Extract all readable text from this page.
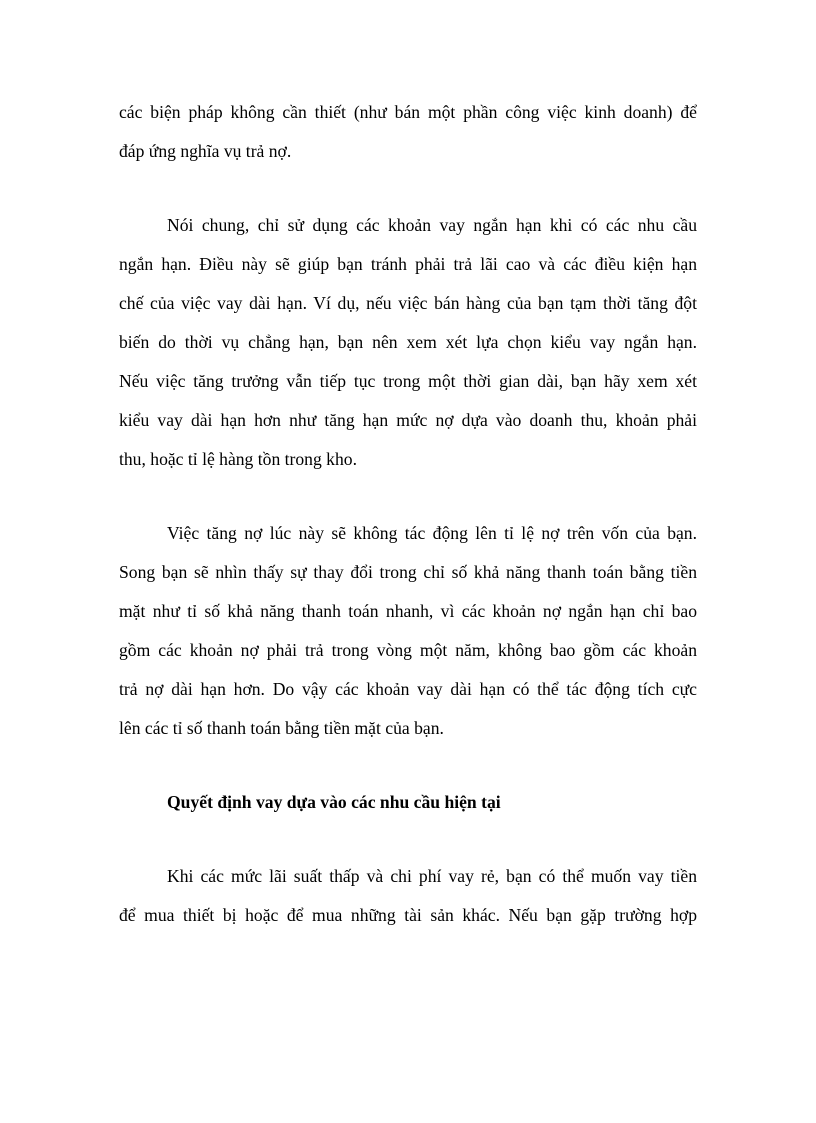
các biện pháp không cần thiết (như bán một phần công việc kinh doanh) để
đáp ứng nghĩa vụ trả nợ.
Nói chung, chỉ sử dụng các khoản vay ngắn hạn khi có các nhu cầu
ngắn hạn. Điều này sẽ giúp bạn tránh phải trả lãi cao và các điều kiện hạn
chế của việc vay dài hạn. Ví dụ, nếu việc bán hàng của bạn tạm thời tăng đột
biến do thời vụ chẳng hạn, bạn nên xem xét lựa chọn kiểu vay ngắn hạn.
Nếu việc tăng trưởng vẫn tiếp tục trong một thời gian dài, bạn hãy xem xét
kiểu vay dài hạn hơn như tăng hạn mức nợ dựa vào doanh thu, khoản phải
thu, hoặc tỉ lệ hàng tồn trong kho.
Việc tăng nợ lúc này sẽ không tác động lên tỉ lệ nợ trên vốn của bạn.
Song bạn sẽ nhìn thấy sự thay đổi trong chỉ số khả năng thanh toán bằng tiền
mặt như tỉ số khả năng thanh toán nhanh, vì các khoản nợ ngắn hạn chỉ bao
gồm các khoản nợ phải trả trong vòng một năm, không bao gồm các khoản
trả nợ dài hạn hơn. Do vậy các khoản vay dài hạn có thể tác động tích cực
lên các tỉ số thanh toán bằng tiền mặt của bạn.
Quyết định vay dựa vào các nhu cầu hiện tại
Khi các mức lãi suất thấp và chi phí vay rẻ, bạn có thể muốn vay tiền
để mua thiết bị hoặc để mua những tài sản khác. Nếu bạn gặp trường hợp
